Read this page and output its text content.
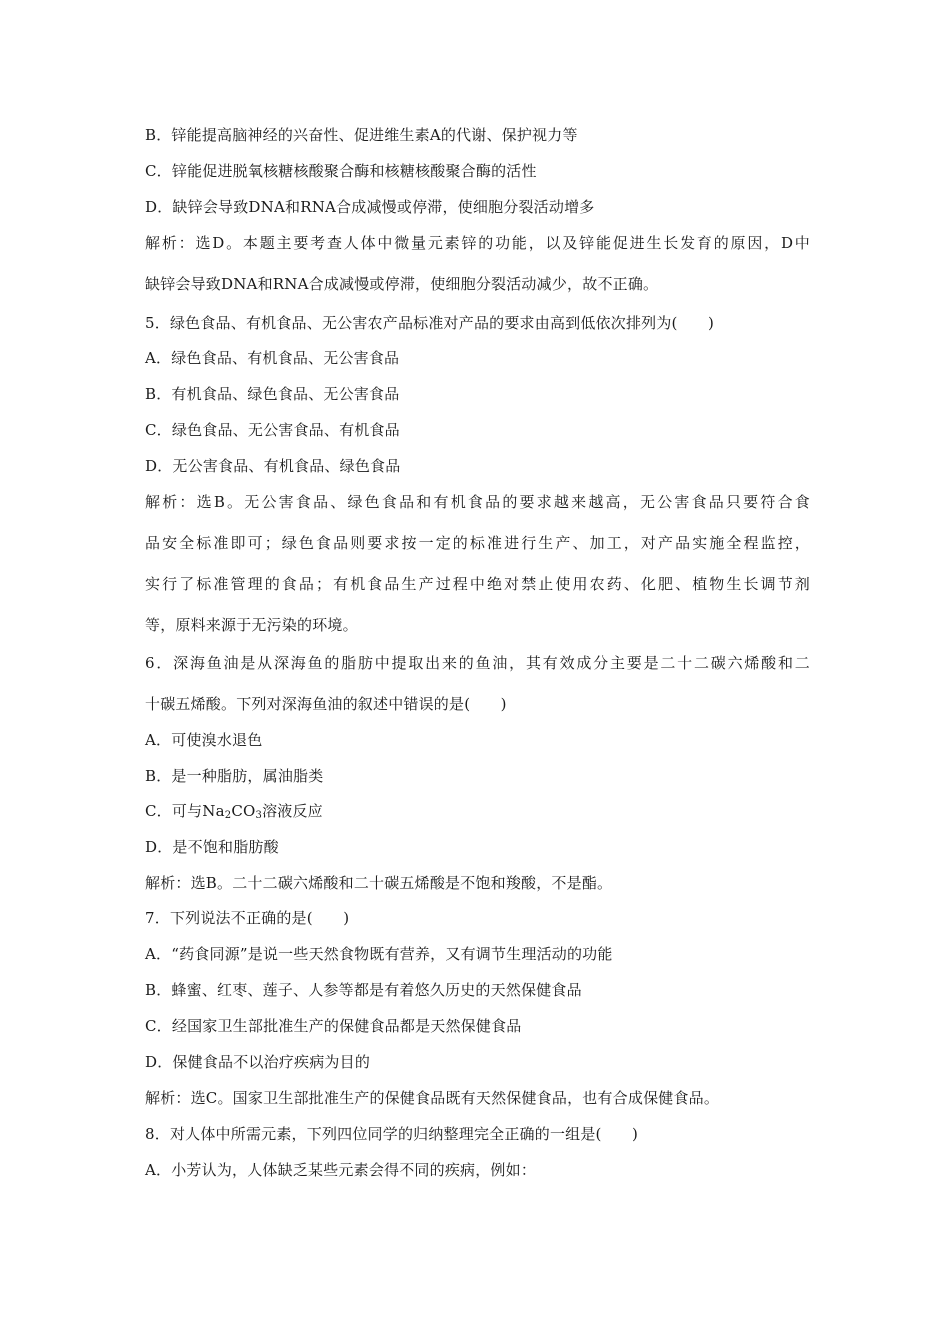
B．锌能提高脑神经的兴奋性、促进维生素A的代谢、保护视力等
C．锌能促进脱氧核糖核酸聚合酶和核糖核酸聚合酶的活性
D．缺锌会导致DNA和RNA合成减慢或停滞，使细胞分裂活动增多
解析：选D。本题主要考查人体中微量元素锌的功能，以及锌能促进生长发育的原因，D中
缺锌会导致DNA和RNA合成减慢或停滞，使细胞分裂活动减少，故不正确。
5．绿色食品、有机食品、无公害农产品标准对产品的要求由高到低依次排列为(　　)
A．绿色食品、有机食品、无公害食品
B．有机食品、绿色食品、无公害食品
C．绿色食品、无公害食品、有机食品
D．无公害食品、有机食品、绿色食品
解析：选B。无公害食品、绿色食品和有机食品的要求越来越高，无公害食品只要符合食
品安全标准即可；绿色食品则要求按一定的标准进行生产、加工，对产品实施全程监控，
实行了标准管理的食品；有机食品生产过程中绝对禁止使用农药、化肥、植物生长调节剂
等，原料来源于无污染的环境。
6．深海鱼油是从深海鱼的脂肪中提取出来的鱼油，其有效成分主要是二十二碳六烯酸和二
十碳五烯酸。下列对深海鱼油的叙述中错误的是(　　)
A．可使溴水退色
B．是一种脂肪，属油脂类
C．可与$Na_2CO_3$溶液反应
D．是不饱和脂肪酸
解析：选B。二十二碳六烯酸和二十碳五烯酸是不饱和羧酸，不是酯。
7．下列说法不正确的是(　　)
A．“药食同源”是说一些天然食物既有营养，又有调节生理活动的功能
B．蜂蜜、红枣、莲子、人参等都是有着悠久历史的天然保健食品
C．经国家卫生部批准生产的保健食品都是天然保健食品
D．保健食品不以治疗疾病为目的
解析：选C。国家卫生部批准生产的保健食品既有天然保健食品，也有合成保健食品。
8．对人体中所需元素，下列四位同学的归纳整理完全正确的一组是(　　)
A．小芳认为，人体缺乏某些元素会得不同的疾病，例如：
